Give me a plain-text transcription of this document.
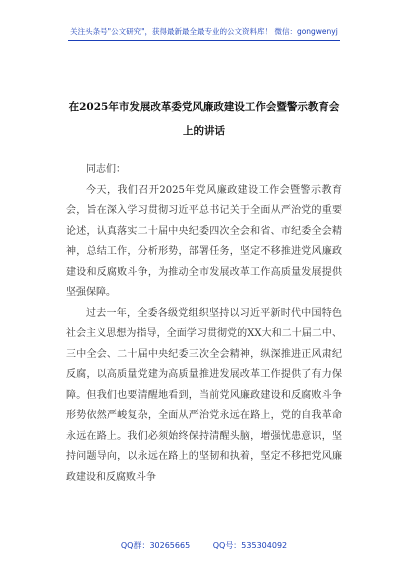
关注头条号"公文研究"，获得最新最全最专业的公文资料库！ 微信：gongwenyj
在2025年市发展改革委党风廉政建设工作会暨警示教育会
上的讲话

同志们：

今天，我们召开2025年党风廉政建设工作会暨警示教育会，旨在深入学习贯彻习近平总书记关于全面从严治党的重要论述，认真落实二十届中央纪委四次全会和省、市纪委全会精神，总结工作，分析形势，部署任务，坚定不移推进党风廉政建设和反腐败斗争，为推动全市发展改革工作高质量发展提供坚强保障。

过去一年，全委各级党组织坚持以习近平新时代中国特色社会主义思想为指导，全面学习贯彻党的XX大和二十届二中、三中全会、二十届中央纪委三次全会精神，纵深推进正风肃纪反腐，以高质量党建为高质量推进发展改革工作提供了有力保障。但我们也要清醒地看到，当前党风廉政建设和反腐败斗争形势依然严峻复杂，全面从严治党永远在路上，党的自我革命永远在路上。我们必须始终保持清醒头脑，增强忧患意识，坚持问题导向，以永远在路上的坚韧和执着，坚定不移把党风廉政建设和反腐败斗争

QQ群：30265665	QQ号：535304092
